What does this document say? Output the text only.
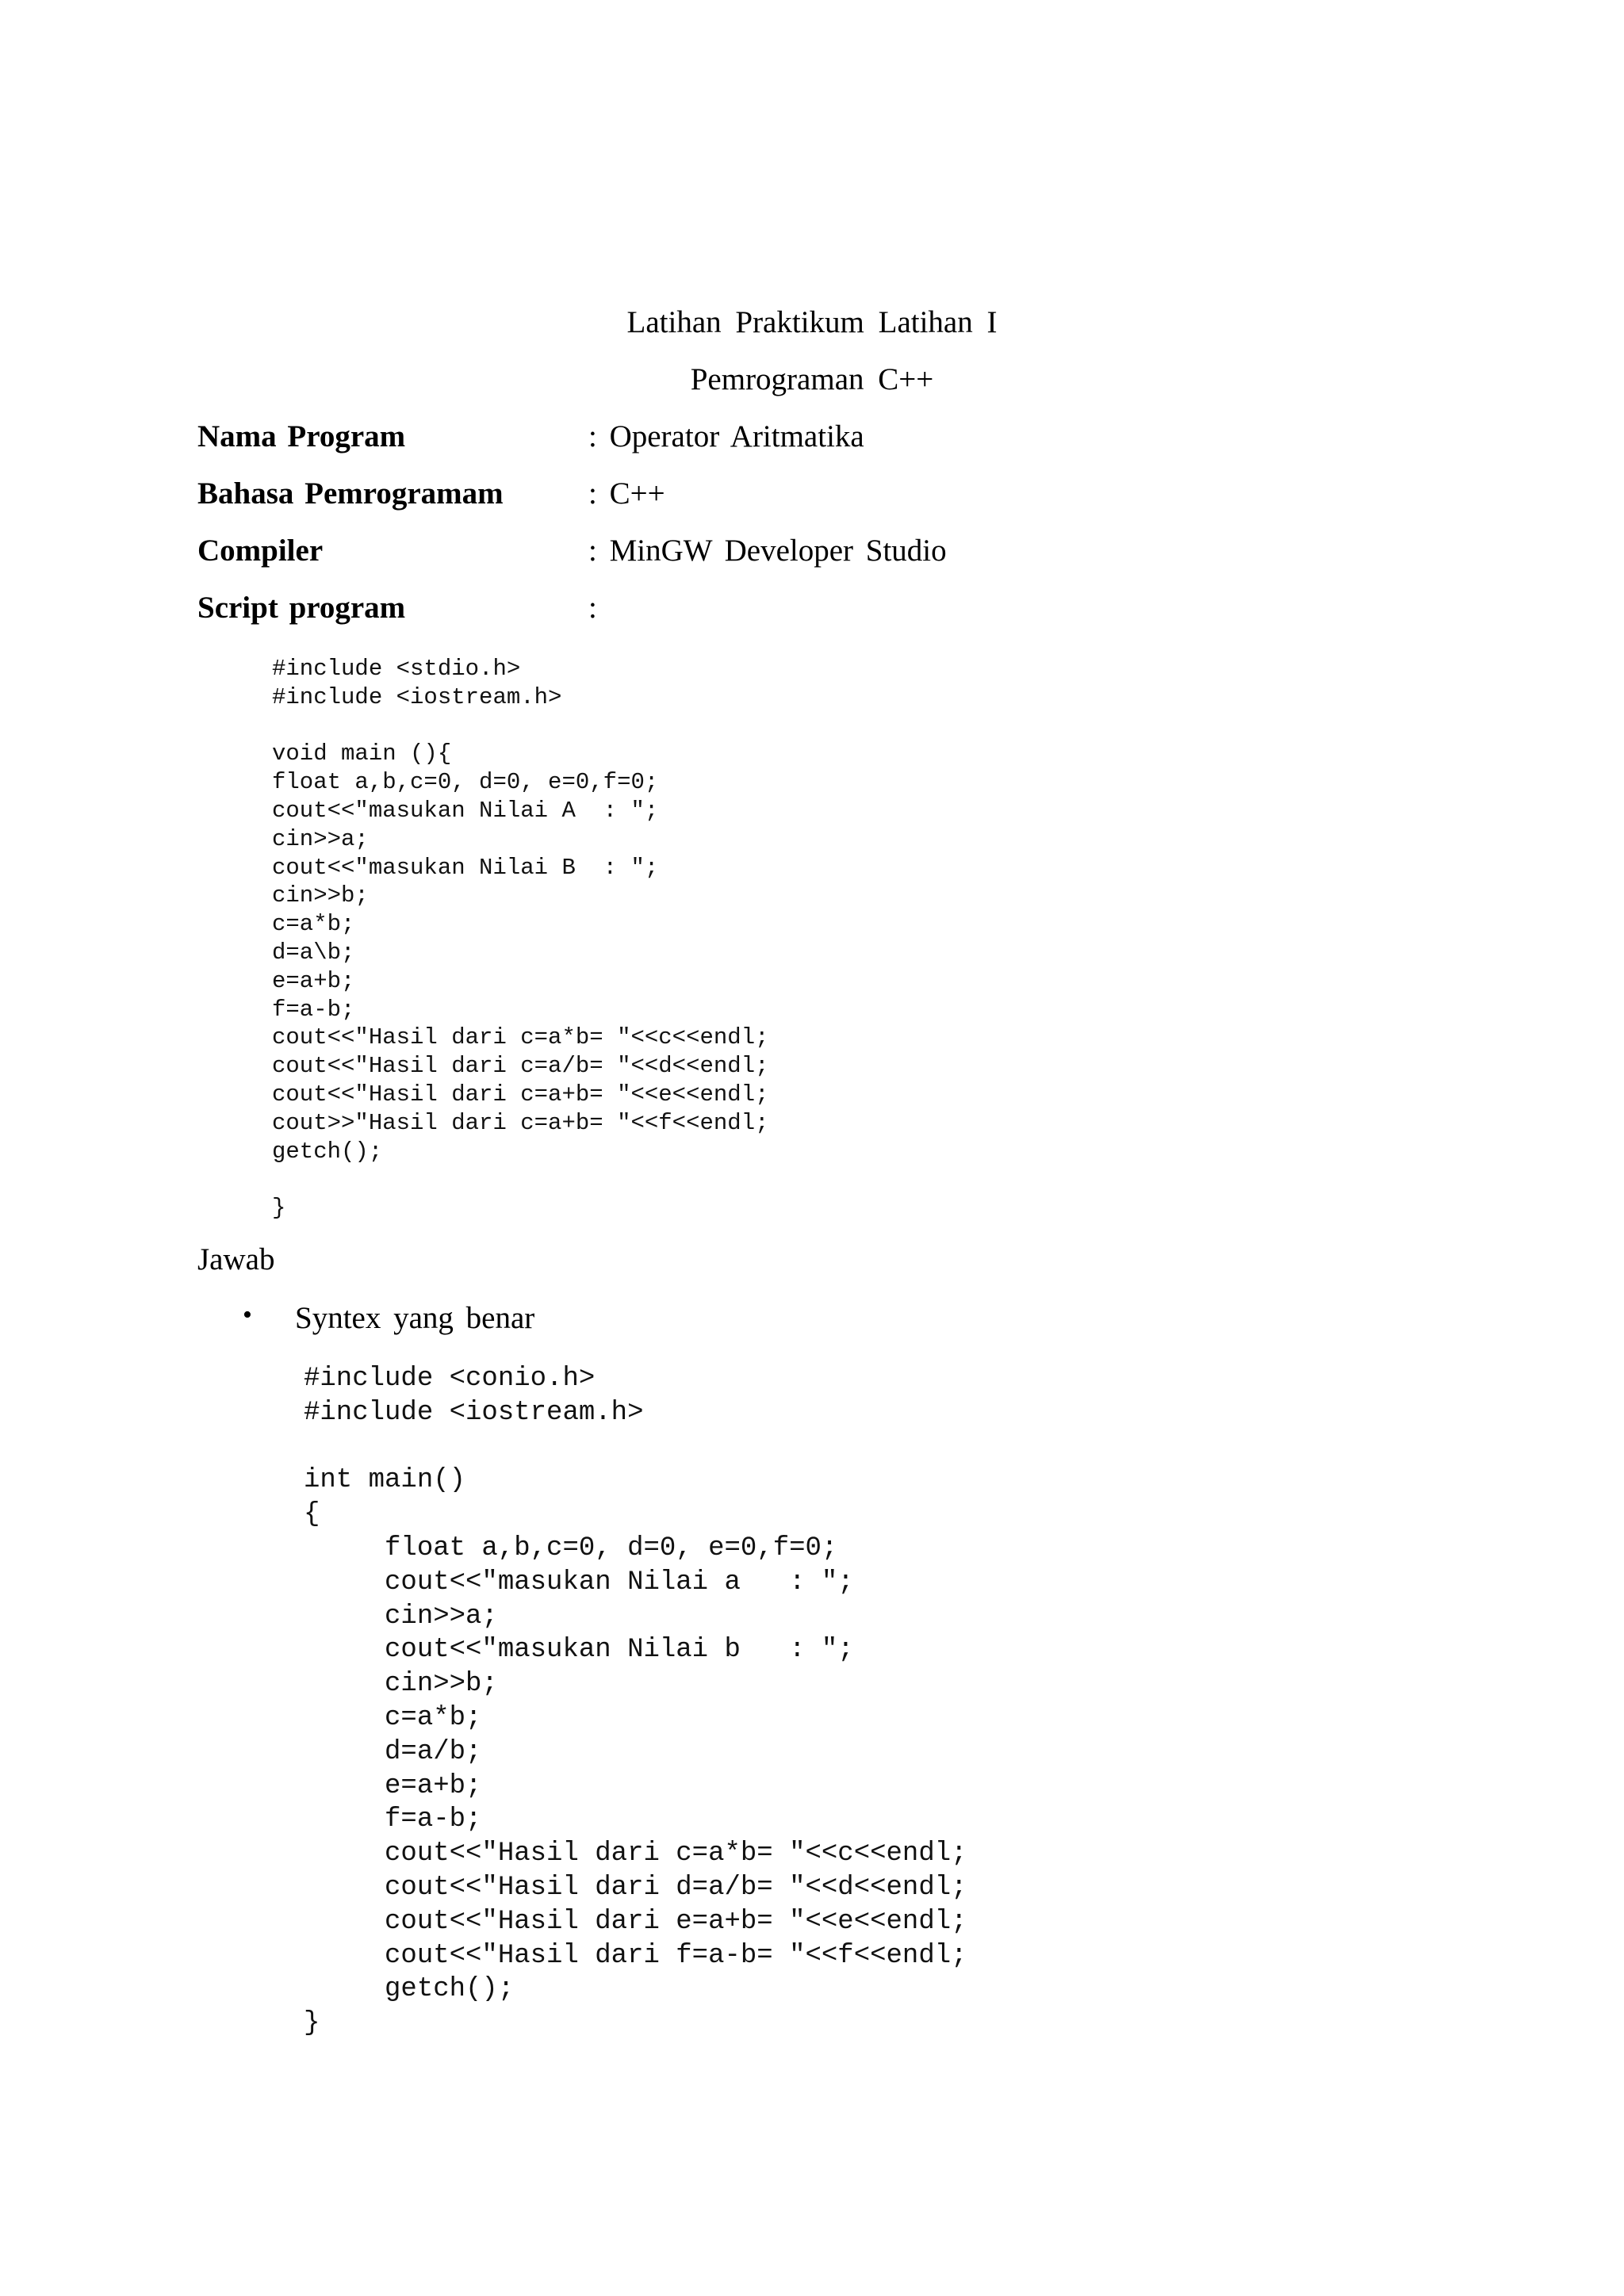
Latihan Praktikum Latihan I
Pemrograman C++
Nama Program	: Operator Aritmatika
Bahasa Pemrogramam	: C++
Compiler	: MinGW Developer Studio
Script program	:
#include <stdio.h>
#include <iostream.h>

void main (){
float a,b,c=0, d=0, e=0,f=0;
cout<<"masukan Nilai A  : ";
cin>>a;
cout<<"masukan Nilai B  : ";
cin>>b;
c=a*b;
d=a\b;
e=a+b;
f=a-b;
cout<<"Hasil dari c=a*b= "<<c<<endl;
cout<<"Hasil dari c=a/b= "<<d<<endl;
cout<<"Hasil dari c=a+b= "<<e<<endl;
cout>>"Hasil dari c=a+b= "<<f<<endl;
getch();

}
Jawab
• Syntex yang benar
#include <conio.h>
#include <iostream.h>

int main()
{
float a,b,c=0, d=0, e=0,f=0;
cout<<"masukan Nilai a   : ";
cin>>a;
cout<<"masukan Nilai b   : ";
cin>>b;
c=a*b;
d=a/b;
e=a+b;
f=a-b;
cout<<"Hasil dari c=a*b= "<<c<<endl;
cout<<"Hasil dari d=a/b= "<<d<<endl;
cout<<"Hasil dari e=a+b= "<<e<<endl;
cout<<"Hasil dari f=a-b= "<<f<<endl;
getch();
}
